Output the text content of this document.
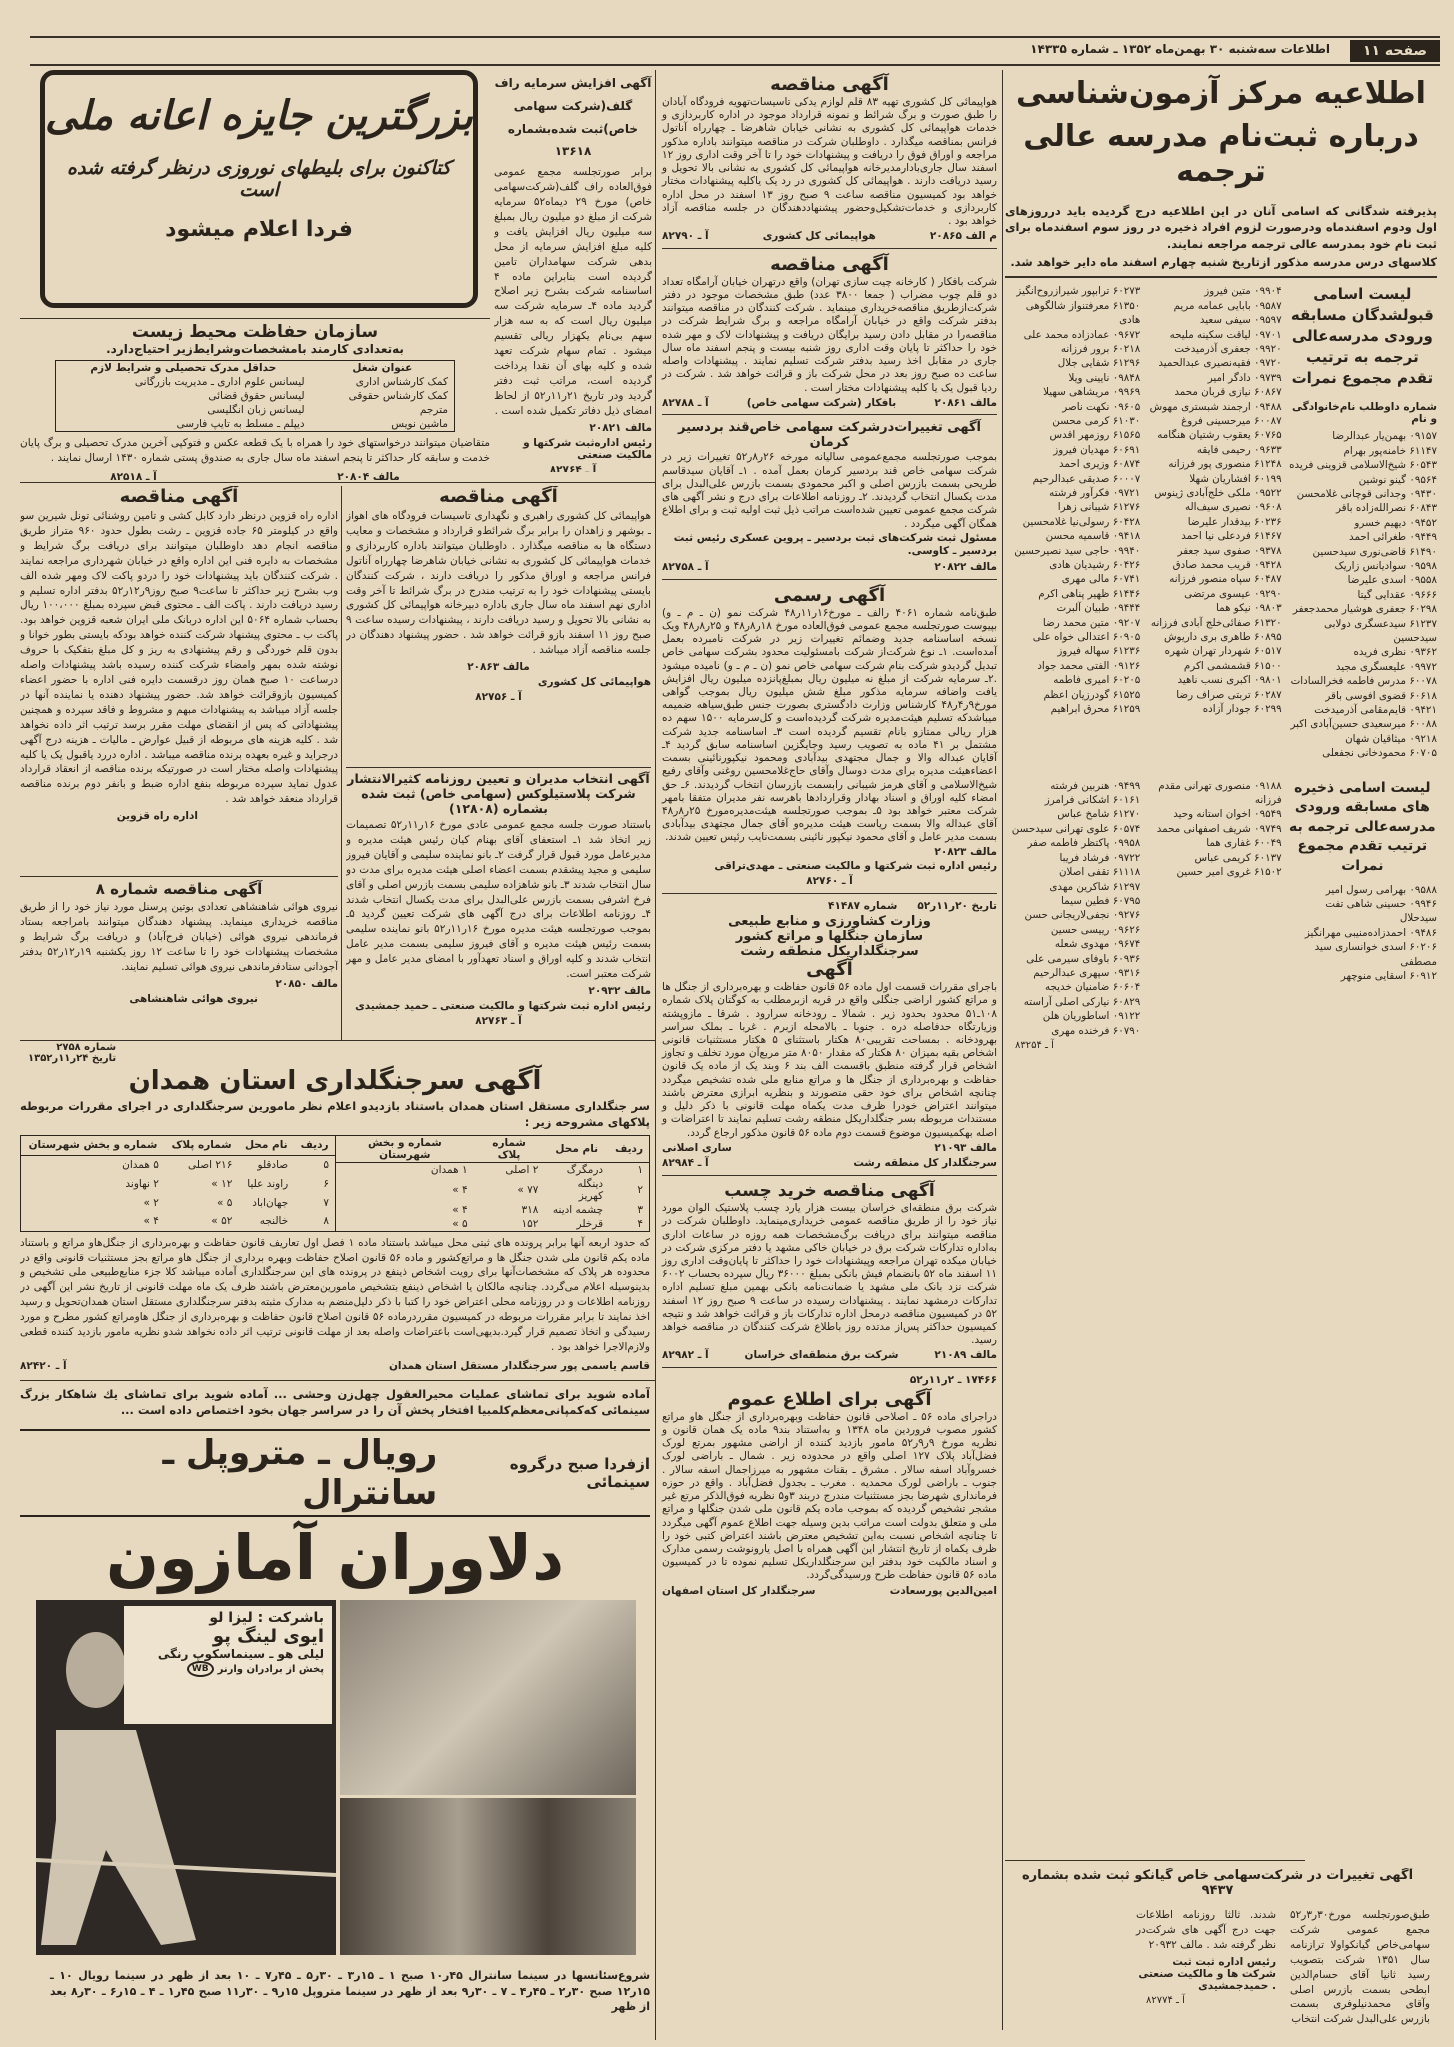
صفحه ۱۱
اطلاعات سه‌شنبه ۳۰ بهمن‌ماه ۱۳۵۲ ـ شماره ۱۴۳۳۵
اطلاعیه مرکز آزمون‌شناسی
درباره ثبت‌نام مدرسه عالی ترجمه
پذیرفته شدگانی که اسامی آنان در این اطلاعیه درج گردیده باید درروزهای اول ودوم اسفندماه ودرصورت لزوم افراد ذخیره در روز سوم اسفندماه برای ثبت نام خود بمدرسه عالی ترجمه مراجعه نمایند.
کلاسهای درس مدرسه مذکور ازتاریخ شنبه چهارم اسفند ماه دایر خواهد شد.
لیست اسامی قبولشدگان مسابقه ورودی مدرسه‌عالی ترجمه به ترتیب تقدم مجموع نمرات
شماره داوطلب نام‌خانوادگی و نام
۰۹۱۵۷ بهمن‌یار عبدالرضا
۶۱۱۴۷ خامنه‌پور بهرام
۶۰۵۴۳ شیخ‌الاسلامی قزوینی فریده
۰۹۵۶۴ گینو نوشین
۰۹۴۳۰ وجدانی قوچانی غلامحسن
۶۰۸۴۳ نصرالله‌زاده باقر
۰۹۴۵۲ دیهیم خسرو
۰۹۴۴۹ طغرائی احمد
۶۱۴۹۰ قاضی‌نوری سیدحسین
۰۹۵۹۸ سوادیانس زاریک
۰۹۵۵۸ اسدی علیرضا
۰۹۶۶۶ عقدایی گیتا
۶۰۲۹۸ جعفری هوشیار محمدجعفر
۶۱۲۳۷ سیدعسگری دولابی سیدحسین
۰۹۳۶۲ نظری فریده
۰۹۹۷۲ علیعسگری مجید
۶۰۰۷۸ مدرس فاطمه فخرالسادات
۶۰۶۱۸ قضوی افوسی باقر
۰۹۴۲۱ قایم‌مقامی آذرمیدخت
۶۰۰۸۸ میرسعیدی حسین‌آبادی اکبر
۰۹۲۱۸ میثاقیان شهان
۶۰۷۰۵ محمودخانی نجفعلی
۰۹۹۰۴ متین فیروز
۰۹۵۸۷ بابایی عمامه مریم
۰۹۵۹۷ سیفی سعید
۰۹۷۰۱ لیاقت سکینه ملیحه
۰۹۹۲۰ جعفری آذرمیدخت
۰۹۷۲۰ فقیه‌نصیری عبدالحمید
۰۹۷۳۹ دادگر امیر
۶۰۸۶۷ نیازی قربان محمد
۰۹۴۸۸ ارجمند شبستری مهوش
۶۰۰۸۷ میرحسینی فروغ
۶۰۷۶۵ یعقوب رشتیان هنگامه
۰۹۶۳۳ رحیمی فایقه
۶۱۲۴۸ منصوری پور فرزانه
۶۰۱۹۹ افشاریان شهلا
۰۹۵۲۲ ملکی خلج‌آبادی ژینوس
۰۹۶۰۸ نصیری سیف‌اله
۶۰۲۳۶ بیدقدار علیرضا
۶۱۴۶۷ فردعلی نیا احمد
۰۹۳۷۸ صفوی سید جعفر
۰۹۴۲۸ قریب محمد صادق
۶۰۴۸۷ سپاه منصور فرزانه
۰۹۲۹۰ عیسوی مرتضی
۰۹۸۰۳ نیکو هما
۶۱۳۲۰ صفائی‌خلج آبادی فرزانه
۶۰۸۹۵ طاهری بری داریوش
۶۰۵۱۷ شهردار تهران شهره
۶۱۵۰۰ قشمشمی اکرم
۰۹۸۰۱ اکبری نسب ناهید
۶۰۲۸۷ تربتی صراف رضا
۶۰۲۹۹ جودار آزاده
۶۰۲۷۳ ترابپور شیرازروح‌انگیز
۶۱۳۵۰ معرفتنواز شالگوهی هادی
۰۹۶۷۲ عمادزاده محمد علی
۶۰۲۱۸ برور فرزانه
۶۱۲۹۶ شفایی جلال
۰۹۸۴۸ نایینی ویلا
۰۹۹۶۹ مریشاهی سهیلا
۰۹۶۰۵ نکهت ناصر
۶۱۰۳۰ کرمی محسن
۶۱۵۶۵ روزمهر اقدس
۶۰۶۹۱ مهدیان فیروز
۶۰۸۷۴ وزیری احمد
۶۰۰۰۷ صدیقی عبدالرحیم
۰۹۷۲۱ فکرآور فرشته
۶۱۲۷۶ شیبانی زهرا
۶۰۴۲۸ رسولی‌نیا غلامحسین
۰۹۴۱۸ قاسمیه محسن
۰۹۹۴۰ حاجی سید نصیرحسین
۶۰۴۲۶ رشیدیان هادی
۶۰۷۴۱ مالی مهری
۶۱۴۴۶ ظهیر پناهی اکرم
۰۹۴۴۴ طبیان آلبرت
۰۹۲۰۷ متین محمد رضا
۶۰۹۰۵ اعتدالی خواه علی
۶۱۲۳۶ سهاله فیروز
۰۹۱۲۶ الفتی محمد جواد
۶۰۲۰۵ امیری فاطمه
۶۱۵۲۵ گودرزیان اعظم
۶۱۲۵۹ محرق ابراهیم
لیست اسامی ذخیره های مسابقه ورودی مدرسه‌عالی ترجمه به ترتیب تقدم مجموع نمرات
۰۹۵۸۸ بهرامی رسول امیر
۰۹۹۴۶ حسینی شاهی تفت سیدحلال
۰۹۴۸۶ احمدزاده‌منیبی مهرانگیز
۶۰۲۰۶ اسدی خوانساری سید مصطفی
۶۰۹۱۲ اسقایی منوچهر
۰۹۱۸۸ منصوری تهرانی مقدم فرزانه
۰۹۵۴۹ اخوان استانه وحید
۰۹۷۴۹ شریف اصفهانی محمد
۶۰۰۴۹ غفاری هما
۶۰۱۳۷ کریمی عباس
۶۱۵۰۲ غروی امیر حسین
۰۹۴۹۹ هنربین فرشته
۶۰۱۶۱ اشکانی فرامرز
۶۱۲۷۰ شامخ عباس
۶۰۵۷۴ علوی تهرانی سیدحسن
۰۹۹۵۸ پاکتظر فاطمه صفر
۰۹۷۲۲ فرشاد فریبا
۶۱۱۱۸ تقفی اصلان
۶۱۲۹۷ شاکرین مهدی
۶۰۷۹۵ فطین سیما
۰۹۲۷۶ نجفی‌لاریجانی حسن
۰۹۶۲۶ رییسی حسین
۰۹۶۷۴ مهدوی شعله
۶۰۹۳۶ باوفای سیرمی علی
۰۹۳۱۶ سپهری عبدالرحیم
۶۰۶۰۴ ضامنیان خدیجه
۶۰۸۲۹ نیارکی اصلی آراسته
۰۹۱۲۲ اساطوریان هلن
۶۰۷۹۰ فرخنده مهری
آ ـ ۸۳۲۵۴
آگهی تغییرات در شرکت‌سهامی خاص گیانکو ثبت شده بشماره ۹۴۳۷
طبق‌صورتجلسه مورخ۳۰ر۳ر۵۲ مجمع عمومی شرکت سهامی‌خاص گیانکواولا ترازنامه سال ۱۳۵۱ شرکت بتصویب رسید ثانیا آقای حسام‌الدین ابطحی بسمت بازرس اصلی وآقای محمدنیلوفری بسمت بازرس علی‌البدل شرکت انتخاب
شدند. ثالثا روزنامه اطلاعات جهت درج آگهی های شرکت‌در نظر گرفته شد . مالف ۲۰۹۳۲
رئیس اداره ثبت ثبت شرکت ها و مالکیت صنعتی . حمیدجمشیدی
آ ـ ۸۲۷۷۴
آگهی مناقصه
هواپیمائی کل کشوری تهیه ۸۳ قلم لوازم یدکی تاسیسات‌تهویه فرودگاه آبادان را طبق صورت و برگ شرائط و نمونه قرارداد موجود در اداره کاربردازی و خدمات هواپیمائی کل کشوری به نشانی خیابان شاهرضا ـ چهارراه آناتول فرانس بمناقصه میگذارد . داوطلبان شرکت در مناقصه میتوانند باداره مذکور مراجعه و اوراق فوق را دریافت و پیشنهادات خود را تا آخر وقت اداری روز ۱۲ اسفند سال جاری‌بادارمدیرخانه هواپیمائی کل کشوری به نشانی بالا تحویل و رسید دریافت دارند . هواپیمائی کل کشوری در رد یک یاکلیه پیشنهادات مختار خواهد بود کمیسیون مناقصه ساعت ۹ صبح روز ۱۳ اسفند در محل اداره کاربردازی و خدمات‌تشکیل‌وحضور پیشنهاددهندگان در جلسه مناقصه آزاد خواهد بود .
م الف ۲۰۸۶۵
هواپیمائی کل کشوری
آ ـ ۸۲۷۹۰
آگهی مناقصه
شرکت بافکار ( کارخانه چیت سازی تهران) واقع درتهران خیابان آرامگاه تعداد دو قلم چوب مضراب ( جمعا ۳۸۰۰ عدد) طبق مشخصات موجود در دفتر شرکت‌ازطریق مناقصه‌خریداری مینماید . شرکت کنندگان در مناقصه میتوانند بدفتر شرکت واقع در خیابان آرامگاه مراجعه و برگ شرایط شرکت در مناقصه‌را در مقابل دادن رسید برایگان دریافت و پیشنهادات لاک و مهر شده خود را حداکثر تا پایان وقت اداری روز شنبه بیست و پنجم اسفند ماه سال جاری در مقابل اخذ رسید بدفتر شرکت تسلیم نمایند . پیشنهادات واصله ساعت ده صبح روز بعد در محل شرکت باز و قرائت خواهد شد . شرکت در ردیا قبول یک یا کلیه پیشنهادات مختار است .
مالف ۲۰۸۶۱
بافکار (شرکت سهامی خاص)
آ ـ ۸۲۷۸۸
آگهی تغییرات‌درشرکت سهامی خاص‌قند بردسیر کرمان
بموجب صورتجلسه مجمع‌عمومی سالیانه مورخه ۲۶ر۸ر۵۲ تغییرات زیر در شرکت سهامی خاص قند بردسیر کرمان بعمل آمده . ۱ـ آقایان سیدقاسم طریحی بسمت بازرس اصلی و اکبر محمودی بسمت بازرس علی‌البدل برای مدت یکسال انتخاب گردیدند. ۲ـ روزنامه اطلاعات برای درج و نشر آگهی های شرکت مجمع عمومی تعیین شده‌است مراتب ذیل ثبت اولیه ثبت و برای اطلاع همگان آگهی میگردد .
مسئول ثبت شرکت‌های ثبت بردسیر ـ پروین عسکری رئیس ثبت بردسیر ـ کاوسی.
مالف ۲۰۸۲۲
آ ـ ۸۲۷۵۸
آگهی رسمی
طبق‌نامه شماره ۴۰۶۱ رالف ـ مورخ۱۶ر۱۱ر۴۸ شرکت نمو (ن ـ م ـ و) بپیوست صورتجلسه مجمع عمومی فوق‌العاده مورخ ۱۸ر۸ر۴۸ و ۲۵ر۸ر۴۸ ویک نسخه اساسنامه جدید وضمائم تغییرات زیر در شرکت نامبرده بعمل آمده‌است. ۱ـ نوع شرکت‌از شرکت بامسئولیت محدود بشرکت سهامی خاص تبدیل گردیدو شرکت بنام شرکت سهامی خاص نمو (ن ـ م ـ و) نامیده میشود .۲ـ سرمایه شرکت از مبلغ نه میلیون ریال بمبلغ‌پانزده میلیون ریال افزایش یافت واضافه سرمایه مذکور مبلغ شش میلیون ریال بموجب گواهی مورخ۹ر۴ر۴۸ کارشناس وزارت دادگستری بصورت جنس طبق‌سیاهه ضمیمه میباشدکه تسلیم هیئت‌مدیره شرکت گردیده‌است و کل‌سرمایه ۱۵۰۰ سهم ده هزار ریالی ممتازو بانام تقسیم گردیده است ۳ـ اساسنامه جدید شرکت مشتمل بر ۴۱ ماده به تصویب رسید وجایگزین اساسنامه سابق گردید ۴ـ آقایان عبداله والا و جمال مجتهدی بیدآبادی ومحمود نیکپورنائینی بسمت اعضاءهیئت مدیره برای مدت دوسال وآقای حاج‌غلامحسین روغنی وآقای رفیع شیخ‌الاسلامی و آقای هرمز شیبانی رابسمت بازرسان انتخاب گردیدند. ۶ـ حق امضاء کلیه اوراق و اسناد بهادار وقراردادها باهرسه نفر مدیران متفقا بامهر شرکت معتبر خواهد بود ۵ـ بموجب صورتجلسه هیئت‌مدیره‌مورخ ۲۵ر۸ر۴۸ آقای عبداله والا بسمت ریاست هیئت مدیره‌و آقای جمال مجتهدی بیدآبادی بسمت مدیر عامل و آقای محمود نیکپور نائینی بسمت‌نایب رئیس تعیین شدند.
مالف ۲۰۸۲۳
رئیس اداره ثبت شرکتها و مالکیت صنعتی ـ مهدی‌تراقی
آ ـ ۸۲۷۶۰
تاریخ ۲۰ر۱۱ر۵۲
شماره ۴۱۴۸۷
وزارت کشاورزی و منابع طبیعی
سازمان جنگلها و مراتع کشور
سرجنگلداریکل منطقه رشت
آگهی
باجرای مقررات قسمت اول ماده ۵۶ قانون حفاظت و بهره‌برداری از جنگل ها و مراتع کشور اراضی جنگلی واقع در قریه ازبرمطلب به کوگتان پلاک شماره ۱۰۸ـ۵۱ محدود بحدود زیر . شمالا ـ رودخانه سرارود . شرقا ـ مازوپشته وزیارتگاه حدفاصله دره . جنوبا ـ بالامحله ازبرم . غربا ـ بملک سراسر بهرودخانه . بمساحت تقریبی۸۰ هکتار باستثنای ۵ هکتار مستثنیات قانونی اشخاص بقیه بمیزان ۸۰ هکتار که مقدار ۸۰۵۰ متر مربع‌آن مورد تخلف و تجاوز اشخاص قرار گرفته منطبق باقسمت الف بند ۶ وبند یک از ماده یک قانون حفاظت و بهره‌برداری از جنگل ها و مراتع منابع ملی شده تشخیص میگردد چنانچه اشخاص برای خود حقی متصورند و بنظریه ابرازی معترض باشند میتوانند اعتراض خودرا ظرف مدت یکماه مهلت قانونی با ذکر دلیل و مستندات مربوطه بسر جنگلداریکل منطقه رشت تسلیم نمایند تا اعتراضات و اصله بهکمیسیون موضوع قسمت دوم ماده ۵۶ قانون مذکور ارجاع گردد.
مالف ۲۱۰۹۳
ساری اصلانی
سرجنگلدار کل منطقه رشت
آ ـ ۸۲۹۸۴
آگهی مناقصه خرید چسب
شرکت برق منطقه‌ای خراسان بیست هزار یارد چسب پلاستیک الوان مورد نیاز خود را از طریق مناقصه عمومی خریداری‌مینماید. داوطلبان شرکت در مناقصه میتوانند برای دریافت برگ‌مشخصات همه روزه در ساعات اداری به‌اداره تدارکات شرکت برق در خیابان خاکی مشهد یا دفتر مرکزی شرکت در خیابان میکده تهران مراجعه وپیشنهادات خود را حداکثر تا پایان‌وقت اداری روز ۱۱ اسفند ماه ۵۲ بانضمام فیش بانکی بمبلغ ۳۶۰۰۰ ریال سپرده بحساب ۶۰۰۲ شرکت نزد بانک ملی مشهد یا ضمانت‌نامه بانکی بهمین مبلغ تسلیم اداره تدارکات درمشهد نمایند . پیشنهادات رسیده در ساعت ۹ صبح روز ۱۲ اسفند ۵۲ در کمیسیون مناقصه درمحل اداره تدارکات باز و قرائت خواهد شد و نتیجه کمیسیون حداکثر پس‌از مدتده روز باطلاع شرکت کنندگان در مناقصه خواهد رسید.
مالف ۲۱۰۸۹
شرکت برق منطقه‌ای خراسان
آ ـ ۸۲۹۸۲
۱۷۴۶۶ ـ ۲ر۱۱ر۵۲
آگهی برای اطلاع عموم
دراجرای ماده ۵۶ ـ اصلاحی قانون حفاظت وبهره‌برداری از جنگل هاو مراتع کشور مصوب فروردین ماه ۱۳۴۸ و به‌استناد بند۹ ماده یک همان قانون و نظریه مورخ ۹ر۹ر۵۲ مامور بازدید کننده از اراضی مشهور بمرتع لورک فضل‌آباد پلاک ۱۲۷ اصلی واقع در محدوده زیر . شمال ـ باراضی لورک خسروآباد اسفه سالار . مشرق ـ بقنات مشهور به میرزاجمال اسفه سالار . جنوب ـ باراضی لورک محمدیه . مغرب ـ بجدول فضل‌آباد . واقع در حوزه فرمانداری شهرضا بجز مستثنیات مندرج دربند ۳و۵ نظریه فوق‌الذکر مرتع غیر مشجر تشخیص گردیده که بموجب ماده یکم قانون ملی شدن جنگلها و مراتع ملی و متعلق بدولت است مراتب بدین وسیله جهت اطلاع عموم آگهی میگردد تا چنانچه اشخاص نسبت به‌این تشخیص معترض باشند اعتراض کتبی خود را ظرف یکماه از تاریخ انتشار این آگهی همراه با اصل یارونوشت رسمی مدارک و اسناد مالکیت خود بدفتر این سرجنگلداریکل تسلیم نموده تا در کمیسیون ماده ۵۶ قانون حفاظت طرح ورسیدگی‌گردد.
امین‌الدین پورسعادت
سرجنگلدار کل استان اصفهان
آگهی افزایش سرمایه راف گلف(شرکت سهامی خاص)ثبت شده‌بشماره ۱۳۶۱۸
برابر صورتجلسه مجمع عمومی فوق‌العاده راف گلف(شرکت‌سهامی خاص) مورخ ۲۹ دیماه۵۲ سرمایه شرکت از مبلغ دو میلیون ریال بمبلغ سه میلیون ریال افزایش یافت و کلیه مبلغ افزایش سرمایه از محل بدهی شرکت سهامداران تامین گردیده است بنابراین ماده ۴ اساسنامه شرکت بشرح زیر اصلاح گردید ماده ۴ـ سرمایه شرکت سه میلیون ریال است که به سه هزار سهم بی‌نام یکهزار ریالی تقسیم میشود . تمام سهام شرکت تعهد شده و کلیه بهای آن نقدا پرداخت گردیده است، مراتب ثبت دفتر گردید ودر تاریخ ۲۱ر۱۱ر۵۲ از لحاظ امضای ذیل دفاتر تکمیل شده است .
مالف ۲۰۸۲۱
رئیس اداره‌ثبت شرکتها و مالکیت صنعتی
آ ـ ۸۲۷۶۴
بزرگترین جایزه اعانه ملی
کتاکنون برای بلیطهای نوروزی درنظر گرفته شده است
فردا اعلام میشود
سازمان حفاظت محیط زیست
به‌تعدادی کارمند بامشخصات‌وشرایط‌زیر احتیاج‌دارد.
عنوان شغل	حداقل مدرک تحصیلی و شرایط لازم
کمک کارشناس اداری	لیسانس علوم اداری ـ مدیریت بازرگانی
کمک کارشناس حقوقی	لیسانس حقوق قضائی
مترجم	لیسانس زبان انگلیسی
ماشین نویس	دیپلم ـ مسلط به تایپ فارسی
متقاضیان میتوانند درخواستهای خود را همراه با یک قطعه عکس و فتوکپی آخرین مدرک تحصیلی و برگ پایان خدمت و سابقه کار حداکثر تا پنجم اسفند ماه سال جاری به صندوق پستی شماره ۱۴۳۰ ارسال نمایند .
مالف ۲۰۸۰۴
آ ـ ۸۲۵۱۸
آگهی مناقصه
اداره راه قزوین درنظر دارد کابل کشی و تامین روشنائی تونل شیرین سو واقع در کیلومتر ۶۵ جاده قزوین ـ رشت بطول حدود ۹۶۰ متراز طریق مناقصه انجام دهد داوطلبان میتوانند برای دریافت برگ شرایط و مشخصات به دایره فنی این اداره واقع در خیابان شهرداری مراجعه نمایند . شرکت کنندگان باید پیشنهادات خود را دردو پاکت لاک ومهر شده الف وب بشرح زیر حداکثر تا ساعت۹ صبح روز۹ر۱۲ر۵۲ بدفتر اداره تسلیم و رسید دریافت دارند . پاکت الف ـ محتوی قبض سپرده بمبلغ ۱۰۰،۰۰۰ ریال بحساب شماره ۵۰۶۴ این اداره دربانک ملی ایران شعبه قزوین خواهد بود. پاکت ب ـ محتوی پیشنهاد شرکت کننده خواهد بودکه بایستی بطور خوانا و بدون قلم خوردگی و رقم پیشنهادی به ریز و کل مبلغ بتفکیک با حروف نوشته شده بمهر وامضاء شرکت کننده رسیده باشد پیشنهادات واصله درساعت ۱۰ صبح همان روز درقسمت دایره فنی اداره با حضور اعضاء کمیسیون بازوقرائت خواهد شد. حضور پیشنهاد دهنده یا نماینده آنها در جلسه آزاد میباشد به پیشنهادات مبهم و مشروط و فاقد سپرده و همچنین پیشنهاداتی که پس از انقضای مهلت مقرر برسد ترتیب اثر داده نخواهد شد . کلیه هزینه های مربوطه از قبیل عوارض ـ مالیات ـ هزینه درج آگهی درجراید و غیره بعهده برنده مناقصه میباشد . اداره دررد یاقبول یک یا کلیه پیشنهادات واصله مختار است در صورتیکه برنده مناقصه از انعقاد قرارداد عدول نماید سپرده مربوطه بنفع اداره ضبط و بانفر دوم برنده مناقصه قرارداد منعقد خواهد شد .
اداره راه قزوین
آگهی مناقصه
هواپیمائی کل کشوری راهبری و نگهداری تاسیسات فرودگاه های اهواز ـ بوشهر و زاهدان را برابر برگ شرائط‌و قرارداد و مشخصات و معایب دستگاه ها به مناقصه میگذارد . داوطلبان میتوانند باداره کاربردازی و خدمات هواپیمائی کل کشوری به نشانی خیابان شاهرضا چهارراه آناتول فرانس مراجعه و اوراق مذکور را دریافت دارند ، شرکت کنندگان بایستی پیشنهادات خود را به ترتیب مندرج در برگ شرائط تا آخر وقت اداری نهم اسفند ماه سال جاری باداره دبیرخانه هواپیمائی کل کشوری به نشانی بالا تحویل و رسید دریافت دارند ، پیشنهادات رسیده ساعت ۹ صبح روز ۱۱ اسفند بازو قرائت خواهد شد . حضور پیشنهاد دهندگان در جلسه مناقصه آزاد میباشد .
مالف ۲۰۸۶۳
هواپیمائی کل کشوری
آ ـ ۸۲۷۵۶
آگهی انتخاب مدیران و تعیین روزنامه کثیرالانتشار شرکت پلاستیلوکس (سهامی خاص) ثبت شده بشماره (۱۲۸۰۸)
باستناد صورت جلسه مجمع عمومی عادی مورخ ۱۶ر۱۱ر۵۲ تصمیمات زیر اتخاذ شد ۱ـ استعفای آقای بهنام کیان رئیس هیئت مدیره و مدیرعامل مورد قبول قرار گرفت ۲ـ بانو نماینده سلیمی و آقایان فیروز سلیمی و مجید پیشقدم بسمت اعضاء اصلی هیئت مدیره برای مدت دو سال انتخاب شدند ۳ـ بانو شاهزاده سلیمی بسمت بازرس اصلی و آقای فرخ اشرفی بسمت بازرس علی‌البدل برای مدت یکسال انتخاب شدند ۴ـ روزنامه اطلاعات برای درج آگهی های شرکت تعیین گردید ۵ـ بموجب صورتجلسه هیئت مدیره مورخ ۱۶ر۱۱ر۵۲ بانو نماینده سلیمی بسمت رئیس هیئت مدیره و آقای فیروز سلیمی بسمت مدیر عامل انتخاب شدند و کلیه اوراق و اسناد تعهدآور با امضای مدیر عامل و مهر شرکت معتبر است.
مالف ۲۰۹۳۲
رئیس اداره ثبت شرکتها و مالکیت صنعتی ـ حمید جمشیدی
آ ـ ۸۲۷۶۳
آگهی مناقصه شماره ۸
نیروی هوائی شاهنشاهی تعدادی بوتین پرسنل مورد نیاز خود را از طریق مناقصه خریداری مینماید. پیشنهاد دهندگان میتوانند بامراجعه بستاد فرماندهی نیروی هوائی (خیابان فرح‌آباد) و دریافت برگ شرایط و مشخصات پیشنهادات خود را تا ساعت ۱۲ روز یکشنبه ۱۹ر۱۲ر۵۲ بدفتر آجودانی ستادفرماندهی نیروی هوائی تسلیم نمایند.
مالف ۲۰۸۵۰
نیروی هوائی شاهنشاهی
شماره ۲۷۵۸
تاریخ ۲۴ر۱۱ر۱۳۵۲
آگهی سرجنگلداری استان همدان
سر جنگلداری مستقل استان همدان باستناد بازدیدو اعلام نظر مامورین سرجنگلداری در اجرای مقررات مربوطه پلاکهای مشروحه زیر :
ردیف	نام محل	شماره پلاک	شماره و بخش شهرستان
۱	درمگرگ	۲ اصلی	۱ همدان
۲	دینگله کهریز	۷۷ »	۴ »
۳	چشمه ادینه	۳۱۸	۴ »
۴	قرخلر	۱۵۲	۵ »
ردیف	نام محل	شماره پلاک	شماره و بخش شهرستان
۵	صادقلو	۲۱۶ اصلی	۵ همدان
۶	راوند علیا	۱۲ »	۲ نهاوند
۷	جهان‌اباد	۵ »	۲ »
۸	خالنجه	۵۲ »	۴ »
که حدود اربعه آنها برابر پرونده های ثبتی محل میباشد باستناد ماده ۱ فصل اول تعاریف قانون حفاظت و بهره‌برداری از جنگل‌هاو مراتع و باستناد ماده یکم قانون ملی شدن جنگل ها و مراتع‌کشور و ماده ۵۶ قانون اصلاح حفاظت وبهره برداری از جنگل هاو مراتع بجز مستثنیات قانونی واقع در محدوده هر پلاک که مشخصات‌آنها برای رویت اشخاص ذینفع در پرونده های این سرجنگلداری آماده میباشد کلا جزء منابع‌طبیعی ملی تشخیص و بدینوسیله اعلام می‌گردد. چنانچه مالکان یا اشخاص ذینفع بتشخیص مامورین‌معترض باشند ظرف یک ماه مهلت قانونی از تاریخ نشر این آگهی در روزنامه اطلاعات و در روزنامه محلی اعتراض خود را کتبا با ذکر دلیل‌منضم به مدارک مثبته بدفتر سرجنگلداری مستقل استان همدان‌تحویل و رسید اخذ نمایند تا برابر مقررات مربوطه در کمیسیون مقرردرماده ۵۶ قانون اصلاح قانون حفاظت و بهره‌برداری از جنگل هاومراتع کشور مطرح و مورد رسیدگی و اتخاذ تصمیم قرار گیرد.بدیهی‌است باعتراضات واصله بعد از مهلت قانونی ترتیب اثر داده نخواهد شدو نظریه مامور بازدید کننده قطعی ولازم‌الاجرا خواهد بود .
قاسم یاسمی پور سرجنگلدار مستقل استان همدان
آ ـ ۸۲۴۲۰
آماده شوید برای تماشای عملیات محیرالعقول چهل‌زن وحشی ... آماده شوید برای تماشای یك شاهكار بزرگ سینمائی که‌کمپانی‌معظم‌کلمبیا افتخار پخش آن را در سراسر جهان بخود اختصاص داده است ...
ازفردا صبح درگروه سینمائی
رویال ـ متروپل ـ سانترال
دلاوران آمازون
باشرکت : لیزا لو
ایوی لینگ پو
لیلی هو ـ سینماسکوپ رنگی
پخش از برادران وارنر
WB
شروع‌سئانسها در سینما سانترال ۴۵ر۱۰ صبح ۱ ـ ۱۵ر۳ ـ ۳۰ر۵ ـ ۴۵ر۷ ـ ۱۰ بعد از ظهر در سینما رویال ۱۰ ـ ۱۵ر۱۲ صبح ۳۰ر۲ ـ ۴۵ر۴ ـ ۷ ـ ۳۰ر۹ بعد از ظهر در سینما متروپل ۱۵ر۹ ـ ۳۰ر۱۱ صبح ۴۵ر۱ ـ ۴ ـ ۱۵ر۶ ـ ۳۰ر۸ بعد از ظهر
